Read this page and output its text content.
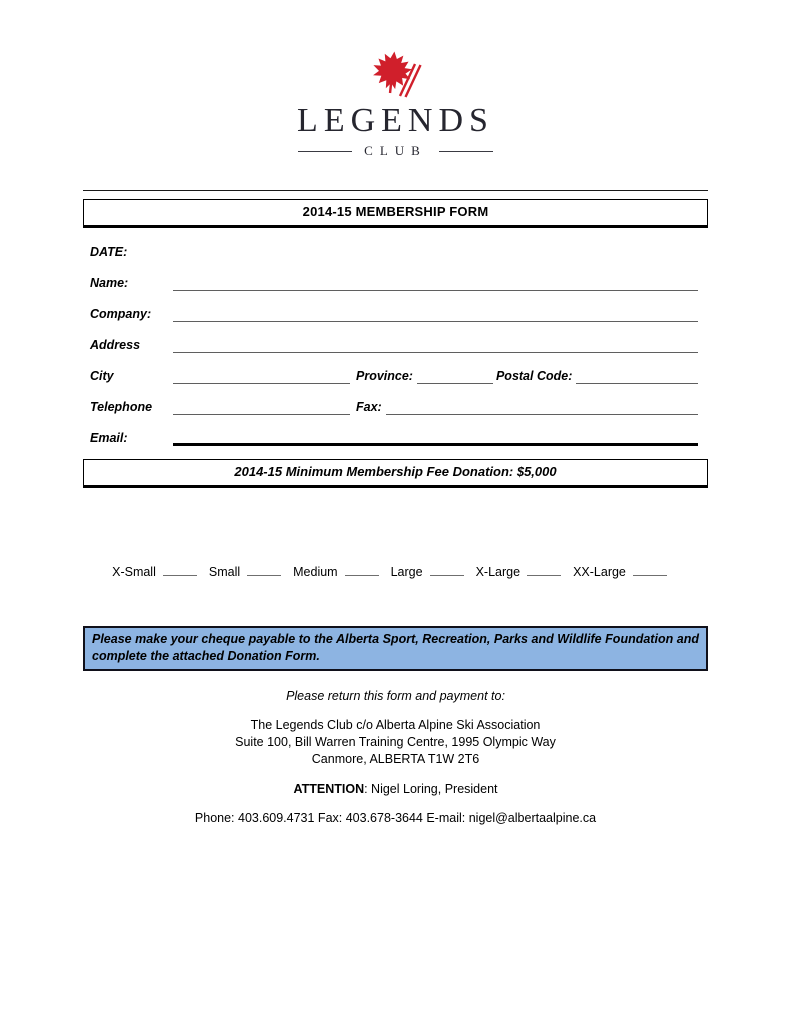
LEGENDS
CLUB
2014-15 MEMBERSHIP FORM
DATE:
Name:
Company:
Address
City	Province:	Postal Code:
Telephone	Fax:
Email:
2014-15 Minimum Membership Fee Donation: $5,000
X-Small	Small	Medium	Large	X-Large	XX-Large
Please make your cheque payable to the Alberta Sport, Recreation, Parks and Wildlife Foundation and complete the attached Donation Form.
Please return this form and payment to:
The Legends Club c/o Alberta Alpine Ski Association
Suite 100, Bill Warren Training Centre, 1995 Olympic Way
Canmore, ALBERTA T1W 2T6
ATTENTION: Nigel Loring, President
Phone: 403.609.4731 Fax: 403.678-3644 E-mail: nigel@albertaalpine.ca
